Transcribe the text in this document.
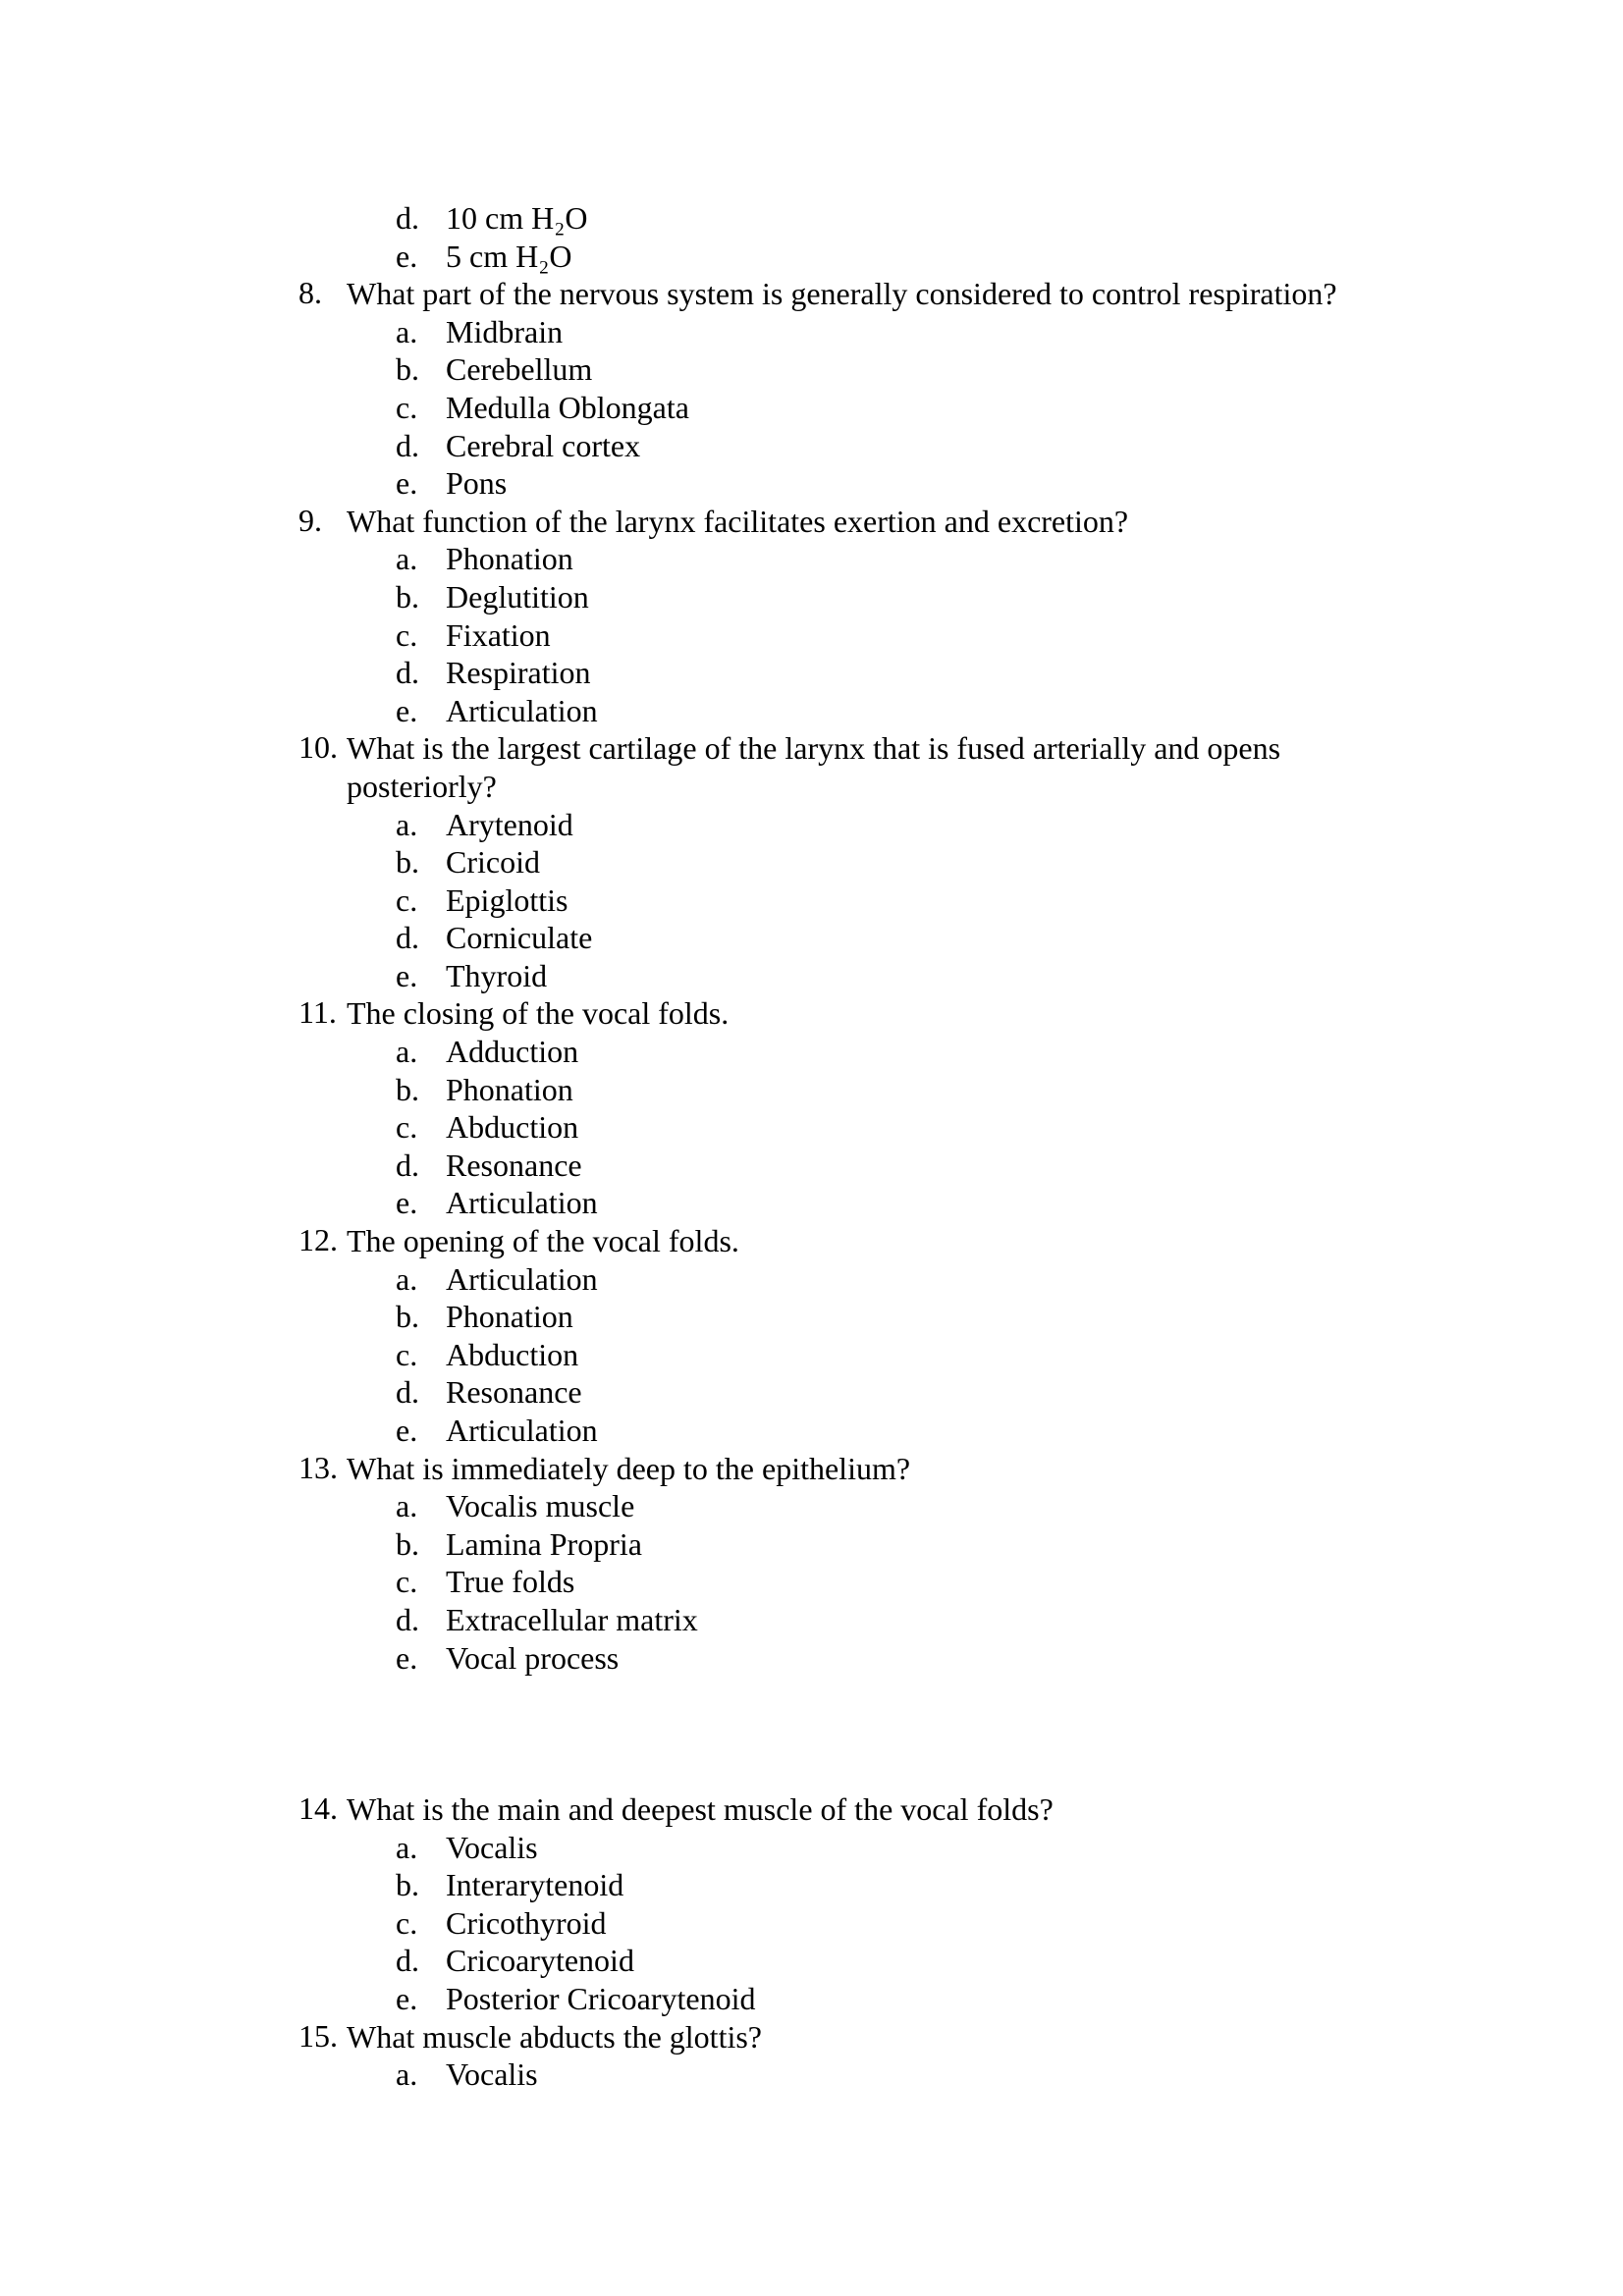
d. 10 cm H₂O
e. 5 cm H₂O
8. What part of the nervous system is generally considered to control respiration?
a. Midbrain
b. Cerebellum
c. Medulla Oblongata
d. Cerebral cortex
e. Pons
9. What function of the larynx facilitates exertion and excretion?
a. Phonation
b. Deglutition
c. Fixation
d. Respiration
e. Articulation
10. What is the largest cartilage of the larynx that is fused arterially and opens posteriorly?
a. Arytenoid
b. Cricoid
c. Epiglottis
d. Corniculate
e. Thyroid
11. The closing of the vocal folds.
a. Adduction
b. Phonation
c. Abduction
d. Resonance
e. Articulation
12. The opening of the vocal folds.
a. Articulation
b. Phonation
c. Abduction
d. Resonance
e. Articulation
13. What is immediately deep to the epithelium?
a. Vocalis muscle
b. Lamina Propria
c. True folds
d. Extracellular matrix
e. Vocal process
14. What is the main and deepest muscle of the vocal folds?
a. Vocalis
b. Interarytenoid
c. Cricothyroid
d. Cricoarytenoid
e. Posterior Cricoarytenoid
15. What muscle abducts the glottis?
a. Vocalis
